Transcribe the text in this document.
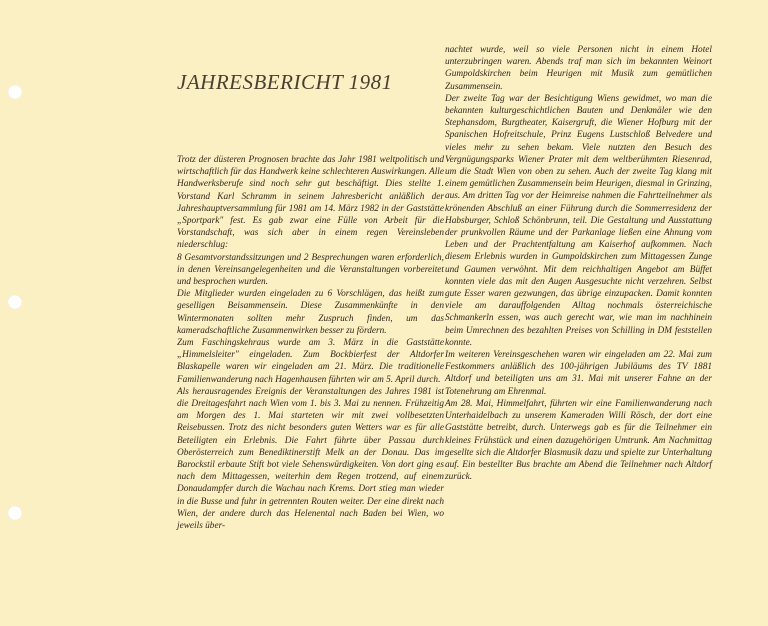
JAHRESBERICHT 1981

Trotz der düsteren Prognosen brachte das Jahr 1981 weltpolitisch und wirtschaftlich für das Handwerk keine schlechteren Auswirkungen. Alle Handwerksberufe sind noch sehr gut beschäftigt. Dies stellte 1. Vorstand Karl Schramm in seinem Jahresbericht anläßlich der Jahreshauptversammlung für 1981 am 14. März 1982 in der Gaststätte „Sportpark" fest. Es gab zwar eine Fülle von Arbeit für die Vorstandschaft, was sich aber in einem regen Vereinsleben niederschlug:

8 Gesamtvorstandssitzungen und 2 Besprechungen waren erforderlich, in denen Vereinsangelegenheiten und die Veranstaltungen vorbereitet und besprochen wurden.

Die Mitglieder wurden eingeladen zu 6 Vorschlägen, das heißt zum geselligen Beisammensein. Diese Zusammenkünfte in den Wintermonaten sollten mehr Zuspruch finden, um das kameradschaftliche Zusammenwirken besser zu fördern.

Zum Faschingskehraus wurde am 3. März in die Gaststätte „Himmelsleiter" eingeladen. Zum Bockbierfest der Altdorfer Blaskapelle waren wir eingeladen am 21. März. Die traditionelle Familienwanderung nach Hagenhausen führten wir am 5. April durch.

Als herausragendes Ereignis der Veranstaltungen des Jahres 1981 ist die Dreitagesfahrt nach Wien vom 1. bis 3. Mai zu nennen. Frühzeitig am Morgen des 1. Mai starteten wir mit zwei vollbesetzten Reisebussen. Trotz des nicht besonders guten Wetters war es für alle Beteiligten ein Erlebnis. Die Fahrt führte über Passau durch Oberösterreich zum Benediktinerstift Melk an der Donau. Das im Barockstil erbaute Stift bot viele Sehenswürdigkeiten. Von dort ging es nach dem Mittagessen, weiterhin dem Regen trotzend, auf einem Donaudampfer durch die Wachau nach Krems. Dort stieg man wieder in die Busse und fuhr in getrennten Routen weiter. Der eine direkt nach Wien, der andere durch das Helenental nach Baden bei Wien, wo jeweils über-

nachtet wurde, weil so viele Personen nicht in einem Hotel unterzubringen waren. Abends traf man sich im bekannten Weinort Gumpoldskirchen beim Heurigen mit Musik zum gemütlichen Zusammensein.

Der zweite Tag war der Besichtigung Wiens gewidmet, wo man die bekannten kulturgeschichtlichen Bauten und Denkmäler wie den Stephansdom, Burgtheater, Kaisergruft, die Wiener Hofburg mit der Spanischen Hofreitschule, Prinz Eugens Lustschloß Belvedere und vieles mehr zu sehen bekam. Viele nutzten den Besuch des Vergnügungsparks Wiener Prater mit dem weltberühmten Riesenrad, um die Stadt Wien von oben zu sehen. Auch der zweite Tag klang mit einem gemütlichen Zusammensein beim Heurigen, diesmal in Grinzing, aus. Am dritten Tag vor der Heimreise nahmen die Fahrtteilnehmer als krönenden Abschluß an einer Führung durch die Sommerresidenz der Habsburger, Schloß Schönbrunn, teil. Die Gestaltung und Ausstattung der prunkvollen Räume und der Parkanlage ließen eine Ahnung vom Leben und der Prachtentfaltung am Kaiserhof aufkommen. Nach diesem Erlebnis wurden in Gumpoldskirchen zum Mittagessen Zunge und Gaumen verwöhnt. Mit dem reichhaltigen Angebot am Büffet konnten viele das mit den Augen Ausgesuchte nicht verzehren. Selbst gute Esser waren gezwungen, das übrige einzupacken. Damit konnten viele am darauffolgenden Alltag nochmals österreichische Schmankerln essen, was auch gerecht war, wie man im nachhinein beim Umrechnen des bezahlten Preises von Schilling in DM feststellen konnte.

Im weiteren Vereinsgeschehen waren wir eingeladen am 22. Mai zum Festkommers anläßlich des 100-jährigen Jubiläums des TV 1881 Altdorf und beteiligten uns am 31. Mai mit unserer Fahne an der Totenehrung am Ehrenmal.

Am 28. Mai, Himmelfahrt, führten wir eine Familienwanderung nach Unterhaidelbach zu unserem Kameraden Willi Rösch, der dort eine Gaststätte betreibt, durch. Unterwegs gab es für die Teilnehmer ein kleines Frühstück und einen dazugehörigen Umtrunk. Am Nachmittag gesellte sich die Altdorfer Blasmusik dazu und spielte zur Unterhaltung auf. Ein bestellter Bus brachte am Abend die Teilnehmer nach Altdorf zurück.
